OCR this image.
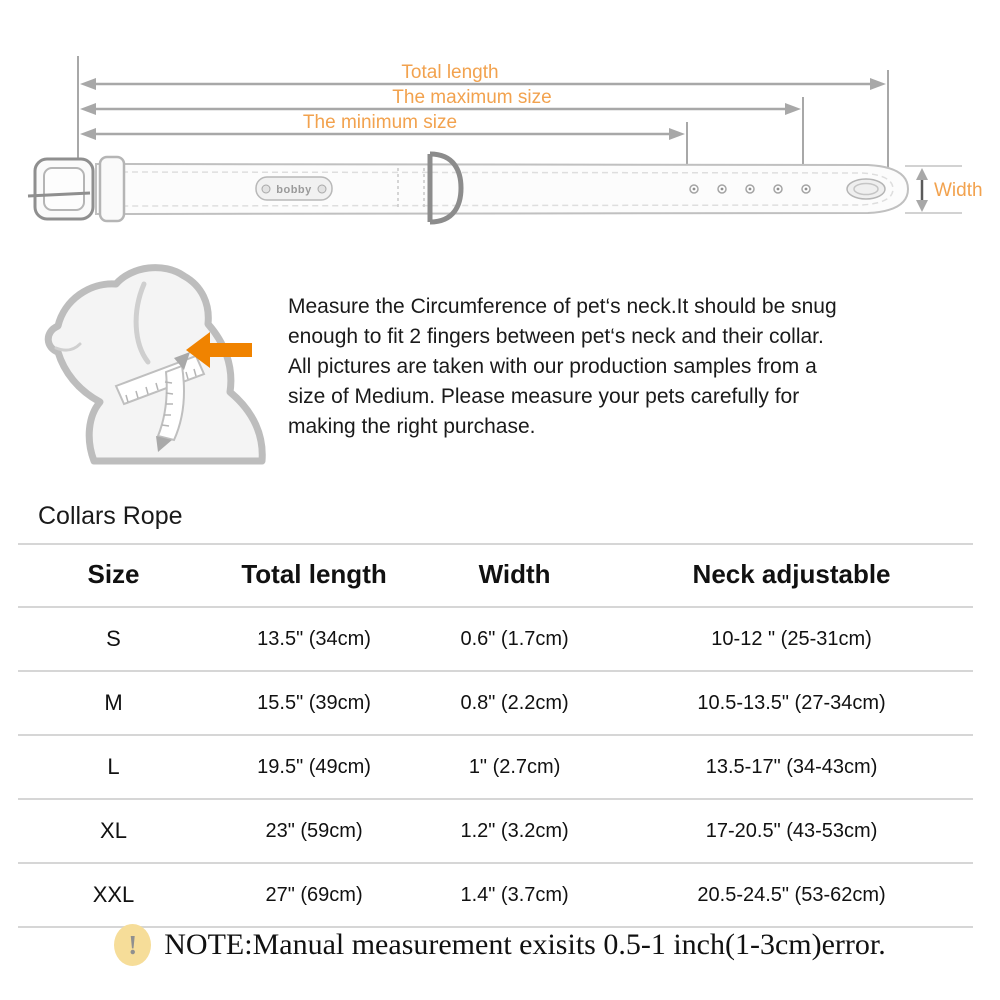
Total length
The maximum size
The minimum size
bobby	Width
Measure the Circumference of pet‘s neck.It should be snug
enough to fit 2 fingers between pet‘s neck and their collar.
All pictures are taken with our production samples from a
size of Medium. Please measure your pets carefully for
making the right purchase.
Collars Rope
Size	Total length	Width	Neck adjustable
S	13.5" (34cm)	0.6" (1.7cm)	10-12 " (25-31cm)
M	15.5" (39cm)	0.8" (2.2cm)	10.5-13.5" (27-34cm)
L	19.5" (49cm)	1" (2.7cm)	13.5-17" (34-43cm)
XL	23" (59cm)	1.2" (3.2cm)	17-20.5" (43-53cm)
XXL	27" (69cm)	1.4" (3.7cm)	20.5-24.5" (53-62cm)
! NOTE:Manual measurement exisits 0.5-1 inch(1-3cm)error.
